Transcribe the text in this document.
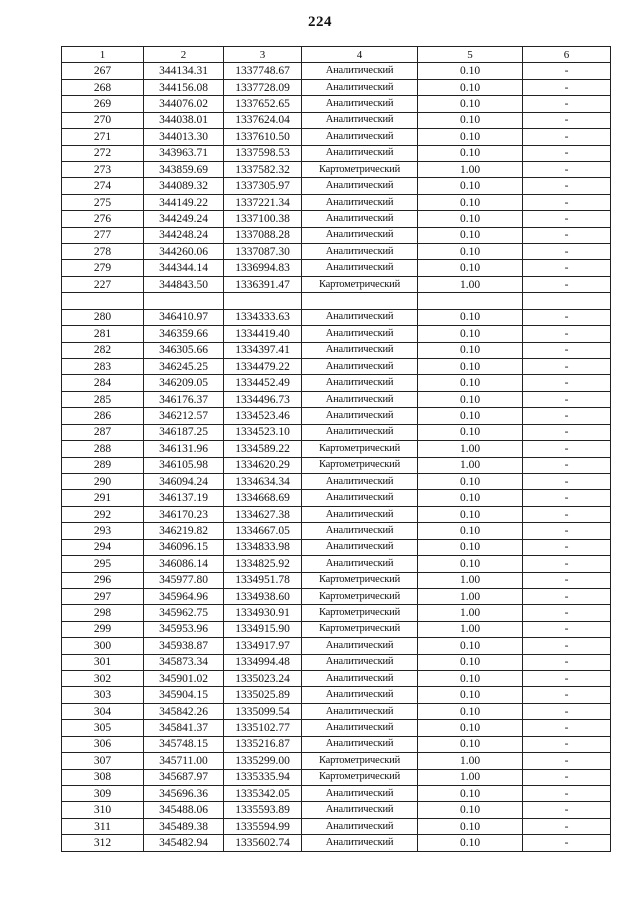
224
1	2	3	4	5	6
267	344134.31	1337748.67	Аналитический	0.10	-
268	344156.08	1337728.09	Аналитический	0.10	-
269	344076.02	1337652.65	Аналитический	0.10	-
270	344038.01	1337624.04	Аналитический	0.10	-
271	344013.30	1337610.50	Аналитический	0.10	-
272	343963.71	1337598.53	Аналитический	0.10	-
273	343859.69	1337582.32	Картометрический	1.00	-
274	344089.32	1337305.97	Аналитический	0.10	-
275	344149.22	1337221.34	Аналитический	0.10	-
276	344249.24	1337100.38	Аналитический	0.10	-
277	344248.24	1337088.28	Аналитический	0.10	-
278	344260.06	1337087.30	Аналитический	0.10	-
279	344344.14	1336994.83	Аналитический	0.10	-
227	344843.50	1336391.47	Картометрический	1.00	-

280	346410.97	1334333.63	Аналитический	0.10	-
281	346359.66	1334419.40	Аналитический	0.10	-
282	346305.66	1334397.41	Аналитический	0.10	-
283	346245.25	1334479.22	Аналитический	0.10	-
284	346209.05	1334452.49	Аналитический	0.10	-
285	346176.37	1334496.73	Аналитический	0.10	-
286	346212.57	1334523.46	Аналитический	0.10	-
287	346187.25	1334523.10	Аналитический	0.10	-
288	346131.96	1334589.22	Картометрический	1.00	-
289	346105.98	1334620.29	Картометрический	1.00	-
290	346094.24	1334634.34	Аналитический	0.10	-
291	346137.19	1334668.69	Аналитический	0.10	-
292	346170.23	1334627.38	Аналитический	0.10	-
293	346219.82	1334667.05	Аналитический	0.10	-
294	346096.15	1334833.98	Аналитический	0.10	-
295	346086.14	1334825.92	Аналитический	0.10	-
296	345977.80	1334951.78	Картометрический	1.00	-
297	345964.96	1334938.60	Картометрический	1.00	-
298	345962.75	1334930.91	Картометрический	1.00	-
299	345953.96	1334915.90	Картометрический	1.00	-
300	345938.87	1334917.97	Аналитический	0.10	-
301	345873.34	1334994.48	Аналитический	0.10	-
302	345901.02	1335023.24	Аналитический	0.10	-
303	345904.15	1335025.89	Аналитический	0.10	-
304	345842.26	1335099.54	Аналитический	0.10	-
305	345841.37	1335102.77	Аналитический	0.10	-
306	345748.15	1335216.87	Аналитический	0.10	-
307	345711.00	1335299.00	Картометрический	1.00	-
308	345687.97	1335335.94	Картометрический	1.00	-
309	345696.36	1335342.05	Аналитический	0.10	-
310	345488.06	1335593.89	Аналитический	0.10	-
311	345489.38	1335594.99	Аналитический	0.10	-
312	345482.94	1335602.74	Аналитический	0.10	-
